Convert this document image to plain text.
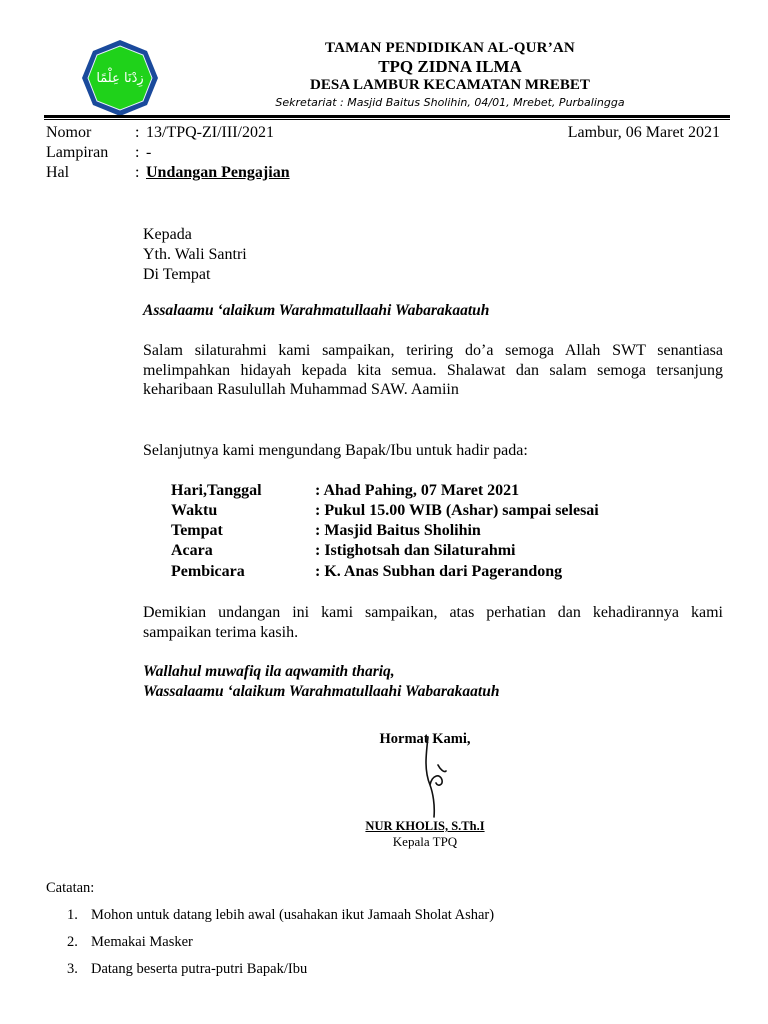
زِدْنَا عِلْمًا
TAMAN PENDIDIKAN AL-QUR’AN
TPQ ZIDNA ILMA
DESA LAMBUR KECAMATAN MREBET
Sekretariat : Masjid Baitus Sholihin, 04/01, Mrebet, Purbalingga
Nomor	: 13/TPQ-ZI/III/2021	Lambur, 06 Maret 2021
Lampiran : -
Hal	: Undangan Pengajian
Kepada
Yth. Wali Santri
Di Tempat
Assalaamu ‘alaikum Warahmatullaahi Wabarakaatuh
Salam silaturahmi kami sampaikan, teriring do’a semoga Allah SWT senantiasa melimpahkan hidayah kepada kita semua. Shalawat dan salam semoga tersanjung keharibaan Rasulullah Muhammad SAW. Aamiin
Selanjutnya kami mengundang Bapak/Ibu untuk hadir pada:
Hari,Tanggal	: Ahad Pahing, 07 Maret 2021
Waktu	: Pukul 15.00 WIB (Ashar) sampai selesai
Tempat	: Masjid Baitus Sholihin
Acara	: Istighotsah dan Silaturahmi
Pembicara	: K. Anas Subhan dari Pagerandong
Demikian undangan ini kami sampaikan, atas perhatian dan kehadirannya kami sampaikan terima kasih.
Wallahul muwafiq ila aqwamith thariq,
Wassalaamu ‘alaikum Warahmatullaahi Wabarakaatuh
Hormat Kami,
NUR KHOLIS, S.Th.I
Kepala TPQ
Catatan:
1. Mohon untuk datang lebih awal (usahakan ikut Jamaah Sholat Ashar)
2. Memakai Masker
3. Datang beserta putra-putri Bapak/Ibu
